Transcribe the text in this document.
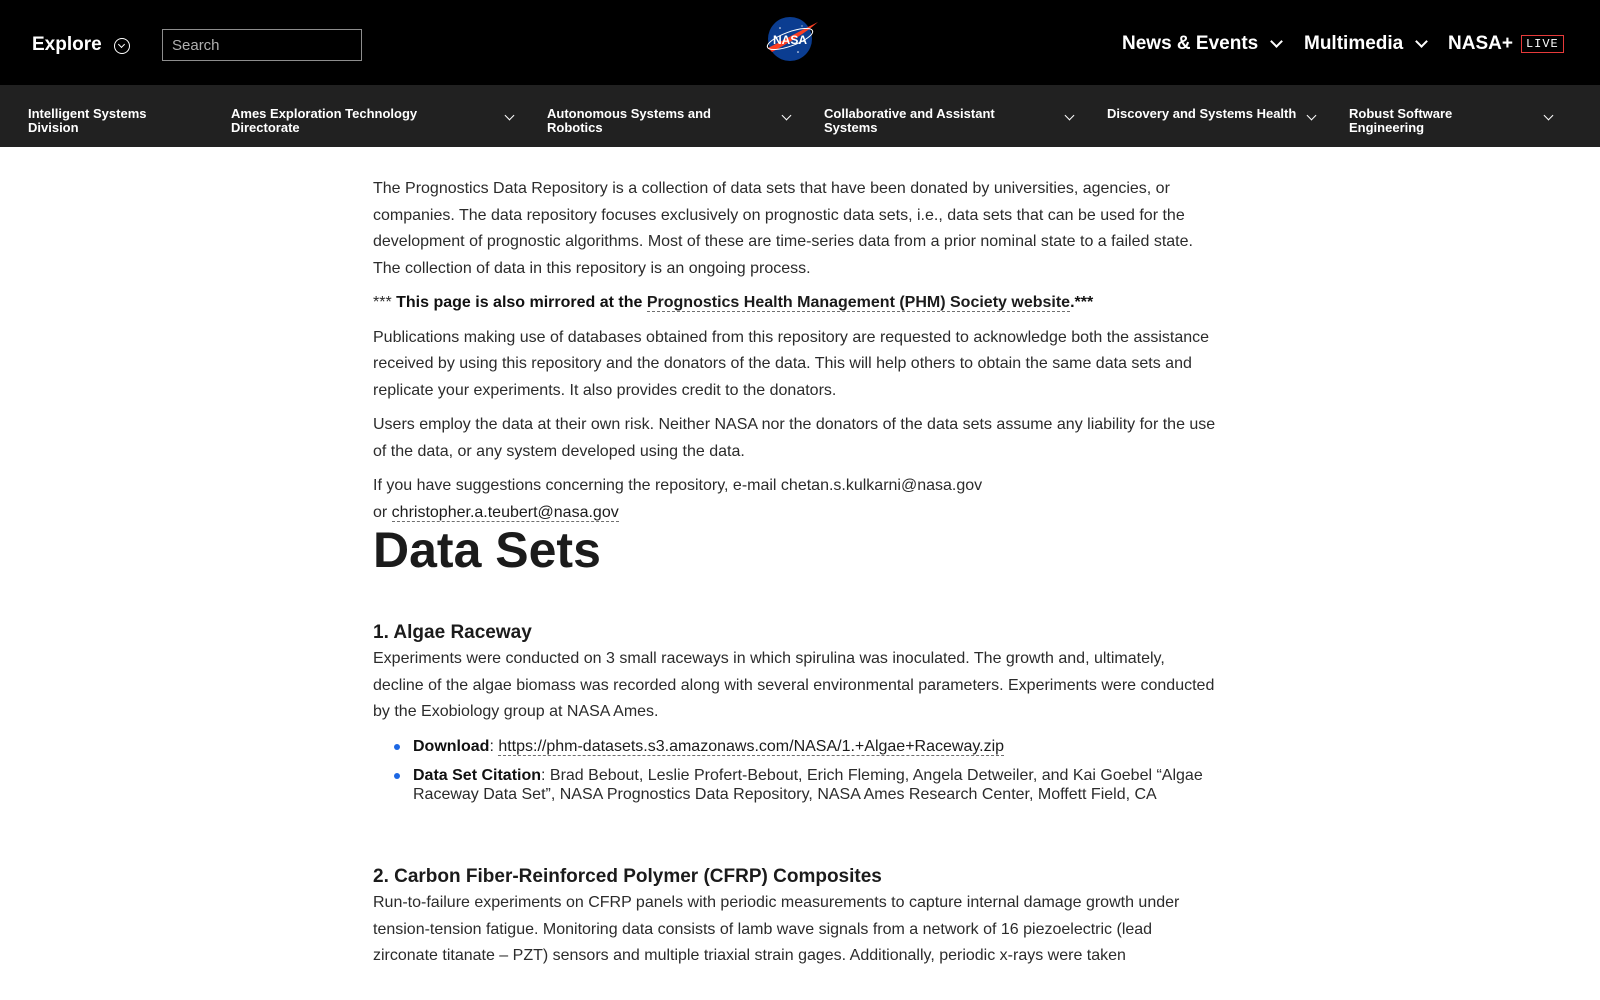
Explore
Search	NASA	News & Events Multimedia NASA+	LIVE
Intelligent Systems Division
Ames Exploration Technology Directorate
Autonomous Systems and Robotics
Collaborative and Assistant Systems
Discovery and Systems Health	Robust Software Engineering

The Prognostics Data Repository is a collection of data sets that have been donated by universities, agencies, or companies. The data repository focuses exclusively on prognostic data sets, i.e., data sets that can be used for the development of prognostic algorithms. Most of these are time-series data from a prior nominal state to a failed state. The collection of data in this repository is an ongoing process.

*** This page is also mirrored at the Prognostics Health Management (PHM) Society website.***

Publications making use of databases obtained from this repository are requested to acknowledge both the assistance received by using this repository and the donators of the data. This will help others to obtain the same data sets and replicate your experiments. It also provides credit to the donators.

Users employ the data at their own risk. Neither NASA nor the donators of the data sets assume any liability for the use of the data, or any system developed using the data.

If you have suggestions concerning the repository, e-mail chetan.s.kulkarni@nasa.gov
or christopher.a.teubert@nasa.gov

Data Sets
1. Algae Raceway

Experiments were conducted on 3 small raceways in which spirulina was inoculated. The growth and, ultimately, decline of the algae biomass was recorded along with several environmental parameters. Experiments were conducted by the Exobiology group at NASA Ames.

Download: https://phm-datasets.s3.amazonaws.com/NASA/1.+Algae+Raceway.zip
Data Set Citation: Brad Bebout, Leslie Profert-Bebout, Erich Fleming, Angela Detweiler, and Kai Goebel “Algae Raceway Data Set”, NASA Prognostics Data Repository, NASA Ames Research Center, Moffett Field, CA
2. Carbon Fiber-Reinforced Polymer (CFRP) Composites

Run-to-failure experiments on CFRP panels with periodic measurements to capture internal damage growth under tension-tension fatigue. Monitoring data consists of lamb wave signals from a network of 16 piezoelectric (lead zirconate titanate – PZT) sensors and multiple triaxial strain gages. Additionally, periodic x-rays were taken
